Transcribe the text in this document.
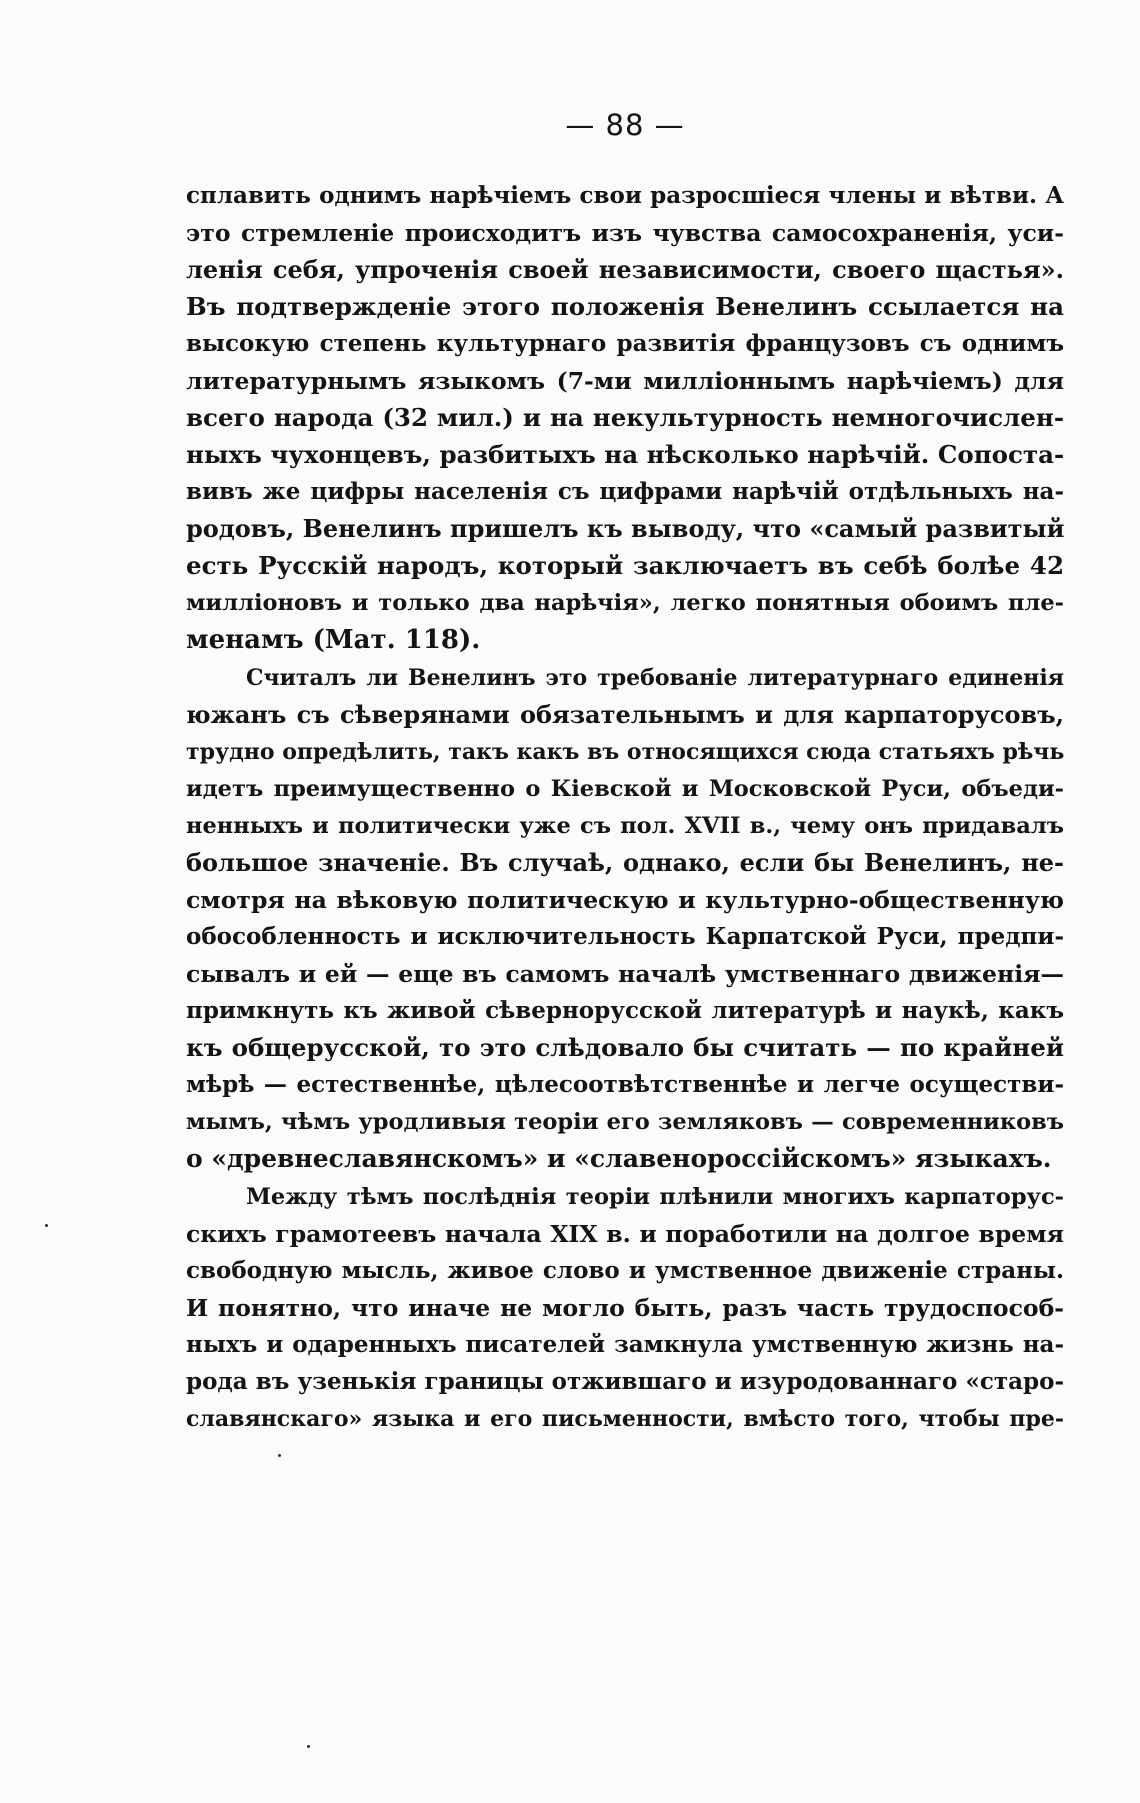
— 88 —
сплавить однимъ нарѣчіемъ свои разросшіеся члены и вѣтви. А
это стремленіе происходитъ изъ чувства самосохраненія, уси-
ленія себя, упроченія своей независимости, своего щастья».
Въ подтвержденіе этого положенія Венелинъ ссылается на
высокую степень культурнаго развитія французовъ съ однимъ
литературнымъ языкомъ (7-ми милліоннымъ нарѣчіемъ) для
всего народа (32 мил.) и на некультурность немногочислен-
ныхъ чухонцевъ, разбитыхъ на нѣсколько нарѣчій. Сопоста-
вивъ же цифры населенія съ цифрами нарѣчій отдѣльныхъ на-
родовъ, Венелинъ пришелъ къ выводу, что «самый развитый
есть Русскій народъ, который заключаетъ въ себѣ болѣе 42
милліоновъ и только два нарѣчія», легко понятныя обоимъ пле-
менамъ (Мат. 118).
Считалъ ли Венелинъ это требованіе литературнаго единенія
южанъ съ сѣверянами обязательнымъ и для карпаторусовъ,
трудно опредѣлить, такъ какъ въ относящихся сюда статьяхъ рѣчь
идетъ преимущественно о Кіевской и Московской Руси, объеди-
ненныхъ и политически уже съ пол. XVII в., чему онъ придавалъ
большое значеніе. Въ случаѣ, однако, если бы Венелинъ, не-
смотря на вѣковую политическую и культурно-общественную
обособленность и исключительность Карпатской Руси, предпи-
сывалъ и ей — еще въ самомъ началѣ умственнаго движенія—
примкнуть къ живой сѣвернорусской литературѣ и наукѣ, какъ
къ общерусской, то это слѣдовало бы считать — по крайней
мѣрѣ — естественнѣе, цѣлесоотвѣтственнѣе и легче осуществи-
мымъ, чѣмъ уродливыя теоріи его земляковъ — современниковъ
о «древнеславянскомъ» и «славенороссійскомъ» языкахъ.
Между тѣмъ послѣднія теоріи плѣнили многихъ карпаторус-
скихъ грамотеевъ начала XIX в. и поработили на долгое время
свободную мысль, живое слово и умственное движеніе страны.
И понятно, что иначе не могло быть, разъ часть трудоспособ-
ныхъ и одаренныхъ писателей замкнула умственную жизнь на-
рода въ узенькія границы отжившаго и изуродованнаго «старо-
славянскаго» языка и его письменности, вмѣсто того, чтобы пре-
